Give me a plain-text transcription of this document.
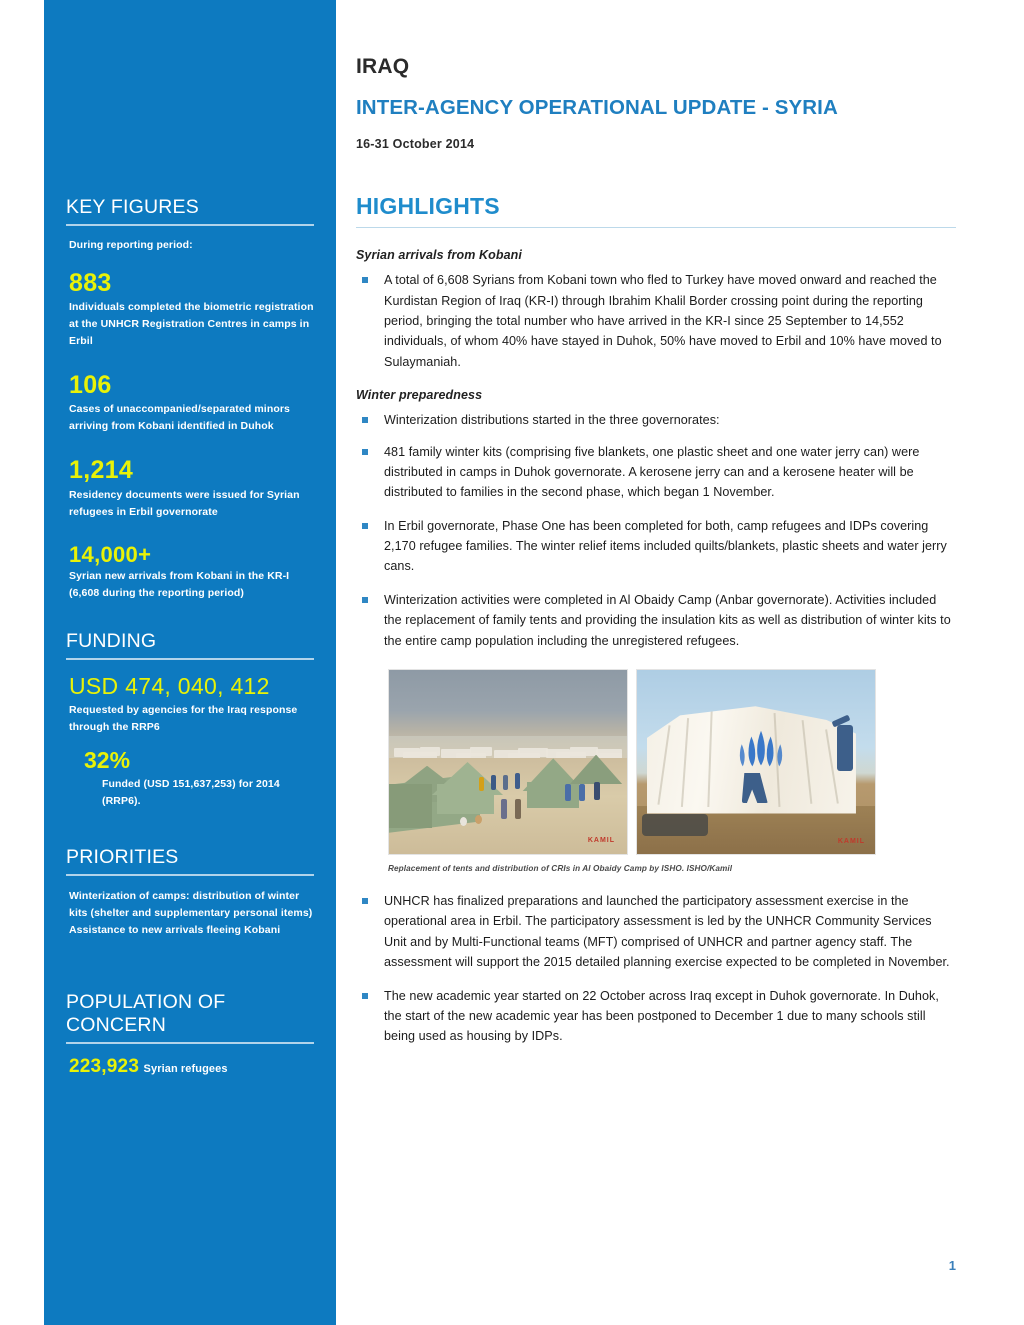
KEY FIGURES

During reporting period:

883
Individuals completed the biometric registration at the UNHCR Registration Centres in camps in Erbil
106
Cases of unaccompanied/separated minors arriving from Kobani identified in Duhok
1,214
Residency documents were issued for Syrian refugees in Erbil governorate
14,000+
Syrian new arrivals from Kobani in the KR-I (6,608 during the reporting period)
FUNDING
USD 474, 040, 412
Requested by agencies for the Iraq response through the RRP6
32%
Funded (USD 151,637,253) for 2014 (RRP6).
PRIORITIES

Winterization of camps: distribution of winter kits (shelter and supplementary personal items)

Assistance to new arrivals fleeing Kobani

POPULATION OF CONCERN

223,923 Syrian refugees

IRAQ
INTER-AGENCY OPERATIONAL UPDATE - SYRIA

16-31 October 2014

HIGHLIGHTS
Syrian arrivals from Kobani
A total of 6,608 Syrians from Kobani town who fled to Turkey have moved onward and reached the Kurdistan Region of Iraq (KR-I) through Ibrahim Khalil Border crossing point during the reporting period, bringing the total number who have arrived in the KR-I since 25 September to 14,552 individuals, of whom 40% have stayed in Duhok, 50% have moved to Erbil and 10% have moved to Sulaymaniah.
Winter preparedness
Winterization distributions started in the three governorates:
481 family winter kits (comprising five blankets, one plastic sheet and one water jerry can) were distributed in camps in Duhok governorate. A kerosene jerry can and a kerosene heater will be distributed to families in the second phase, which began 1 November.
In Erbil governorate, Phase One has been completed for both, camp refugees and IDPs covering 2,170 refugee families. The winter relief items included quilts/blankets, plastic sheets and water jerry cans.
Winterization activities were completed in Al Obaidy Camp (Anbar governorate). Activities included the replacement of family tents and providing the insulation kits as well as distribution of winter kits to the entire camp population including the unregistered refugees.
KAMIL	KAMIL

Replacement of tents and distribution of CRIs in Al Obaidy Camp by ISHO. ISHO/Kamil

UNHCR has finalized preparations and launched the participatory assessment exercise in the operational area in Erbil. The participatory assessment is led by the UNHCR Community Services Unit and by Multi-Functional teams (MFT) comprised of UNHCR and partner agency staff. The assessment will support the 2015 detailed planning exercise expected to be completed in November.
The new academic year started on 22 October across Iraq except in Duhok governorate. In Duhok, the start of the new academic year has been postponed to December 1 due to many schools still being used as housing by IDPs.
1
